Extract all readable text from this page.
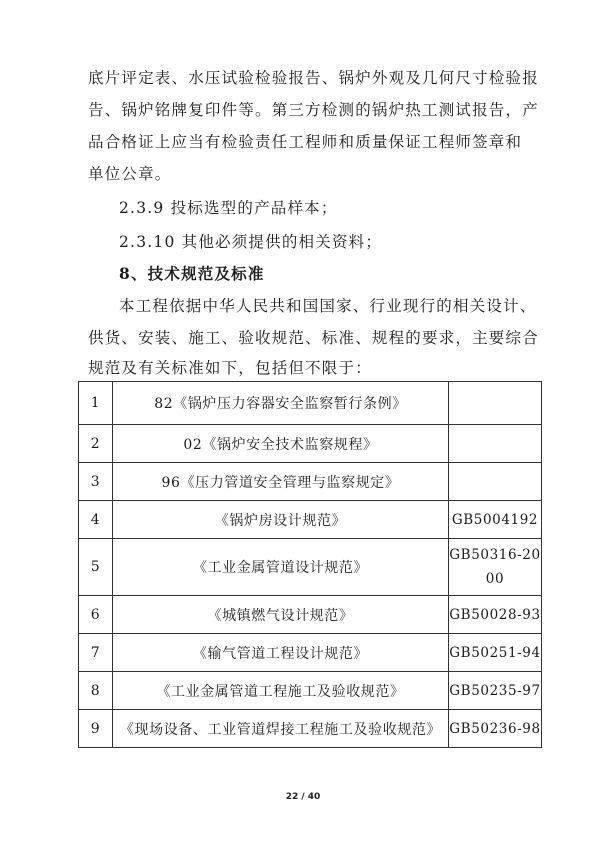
底片评定表、水压试验检验报告、锅炉外观及几何尺寸检验报
告、锅炉铭牌复印件等。第三方检测的锅炉热工测试报告，产
品合格证上应当有检验责任工程师和质量保证工程师签章和
单位公章。
2.3.9 投标选型的产品样本；
2.3.10 其他必须提供的相关资料；
8、技术规范及标准
本工程依据中华人民共和国国家、行业现行的相关设计、
供货、安装、施工、验收规范、标准、规程的要求，主要综合
规范及有关标准如下，包括但不限于：
1	82《锅炉压力容器安全监察暂行条例》	
2	02《锅炉安全技术监察规程》	
3	96《压力管道安全管理与监察规定》	
4	《锅炉房设计规范》	GB5004192
5	《工业金属管道设计规范》	GB50316-2000
6	《城镇燃气设计规范》	GB50028-93
7	《输气管道工程设计规范》	GB50251-94
8	《工业金属管道工程施工及验收规范》	GB50235-97
9	《现场设备、工业管道焊接工程施工及验收规范》	GB50236-98
22 / 40
